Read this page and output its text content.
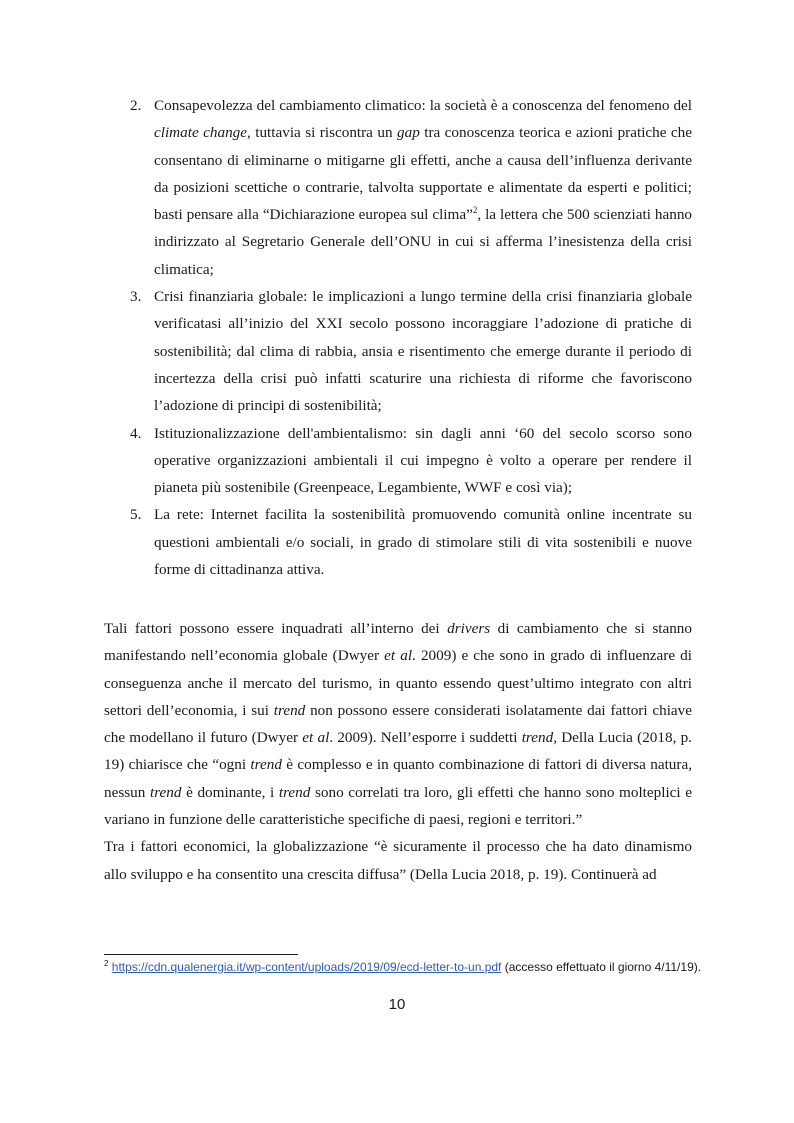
2. Consapevolezza del cambiamento climatico: la società è a conoscenza del fenomeno del climate change, tuttavia si riscontra un gap tra conoscenza teorica e azioni pratiche che consentano di eliminarne o mitigarne gli effetti, anche a causa dell’influenza derivante da posizioni scettiche o contrarie, talvolta supportate e alimentate da esperti e politici; basti pensare alla “Dichiarazione europea sul clima”$^2$, la lettera che 500 scienziati hanno indirizzato al Segretario Generale dell’ONU in cui si afferma l’inesistenza della crisi climatica;

3. Crisi finanziaria globale: le implicazioni a lungo termine della crisi finanziaria globale verificatasi all’inizio del XXI secolo possono incoraggiare l’adozione di pratiche di sostenibilità; dal clima di rabbia, ansia e risentimento che emerge durante il periodo di incertezza della crisi può infatti scaturire una richiesta di riforme che favoriscono l’adozione di principi di sostenibilità;

4. Istituzionalizzazione dell'ambientalismo: sin dagli anni ‘60 del secolo scorso sono operative organizzazioni ambientali il cui impegno è volto a operare per rendere il pianeta più sostenibile (Greenpeace, Legambiente, WWF e così via);

5. La rete: Internet facilita la sostenibilità promuovendo comunità online incentrate su questioni ambientali e/o sociali, in grado di stimolare stili di vita sostenibili e nuove forme di cittadinanza attiva.

Tali fattori possono essere inquadrati all’interno dei drivers di cambiamento che si stanno manifestando nell’economia globale (Dwyer et al. 2009) e che sono in grado di influenzare di conseguenza anche il mercato del turismo, in quanto essendo quest’ultimo integrato con altri settori dell’economia, i sui trend non possono essere considerati isolatamente dai fattori chiave che modellano il futuro (Dwyer et al. 2009). Nell’esporre i suddetti trend, Della Lucia (2018, p. 19) chiarisce che “ogni trend è complesso e in quanto combinazione di fattori di diversa natura, nessun trend è dominante, i trend sono correlati tra loro, gli effetti che hanno sono molteplici e variano in funzione delle caratteristiche specifiche di paesi, regioni e territori.”

Tra i fattori economici, la globalizzazione “è sicuramente il processo che ha dato dinamismo allo sviluppo e ha consentito una crescita diffusa” (Della Lucia 2018, p. 19). Continuerà ad

$^2$ https://cdn.qualenergia.it/wp-content/uploads/2019/09/ecd-letter-to-un.pdf (accesso effettuato il giorno 4/11/19).
10
